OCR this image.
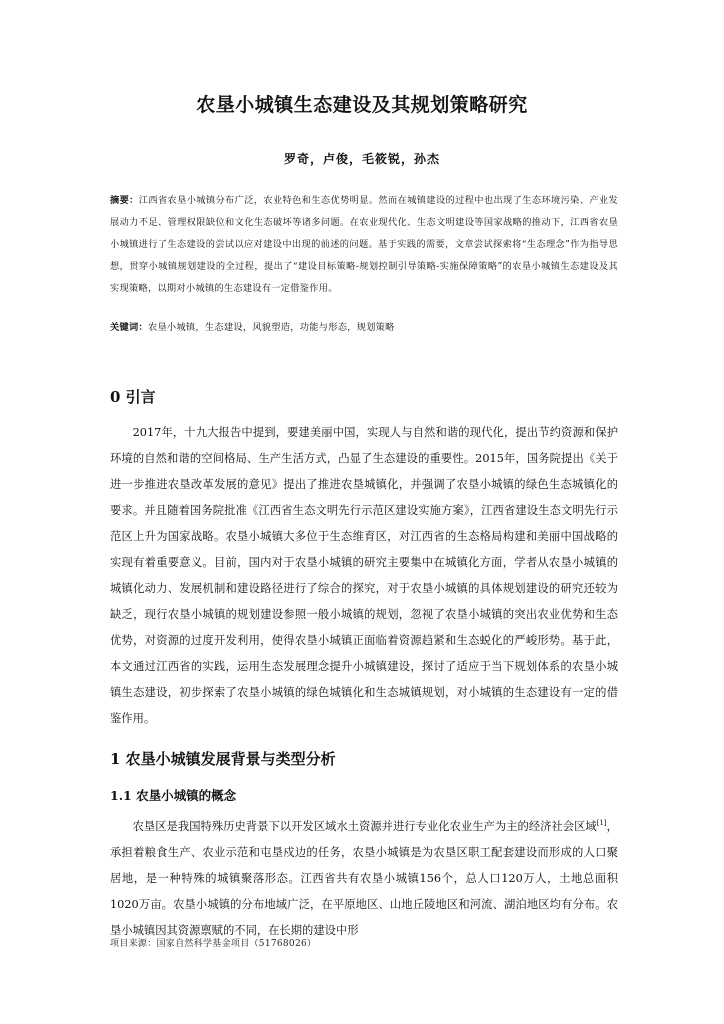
农垦小城镇生态建设及其规划策略研究
罗奇，卢俊，毛筱锐，孙杰
摘要：江西省农垦小城镇分布广泛，农业特色和生态优势明显。然而在城镇建设的过程中也出现了生态环境污染、产业发展动力不足、管理权限缺位和文化生态破坏等诸多问题。在农业现代化、生态文明建设等国家战略的推动下，江西省农垦小城镇进行了生态建设的尝试以应对建设中出现的前述的问题。基于实践的需要，文章尝试探索将“生态理念”作为指导思想，贯穿小城镇规划建设的全过程，提出了“建设目标策略-规划控制引导策略-实施保障策略”的农垦小城镇生态建设及其实现策略，以期对小城镇的生态建设有一定借鉴作用。
关键词：农垦小城镇，生态建设，风貌塑造，功能与形态，规划策略
0 引言
2017年，十九大报告中提到，要建美丽中国，实现人与自然和谐的现代化，提出节约资源和保护环境的自然和谐的空间格局、生产生活方式，凸显了生态建设的重要性。2015年，国务院提出《关于进一步推进农垦改革发展的意见》提出了推进农垦城镇化，并强调了农垦小城镇的绿色生态城镇化的要求。并且随着国务院批准《江西省生态文明先行示范区建设实施方案》，江西省建设生态文明先行示范区上升为国家战略。农垦小城镇大多位于生态维育区，对江西省的生态格局构建和美丽中国战略的实现有着重要意义。目前，国内对于农垦小城镇的研究主要集中在城镇化方面，学者从农垦小城镇的城镇化动力、发展机制和建设路径进行了综合的探究，对于农垦小城镇的具体规划建设的研究还较为缺乏，现行农垦小城镇的规划建设参照一般小城镇的规划，忽视了农垦小城镇的突出农业优势和生态优势，对资源的过度开发利用，使得农垦小城镇正面临着资源趋紧和生态蜕化的严峻形势。基于此，本文通过江西省的实践，运用生态发展理念提升小城镇建设，探讨了适应于当下规划体系的农垦小城镇生态建设，初步探索了农垦小城镇的绿色城镇化和生态城镇规划，对小城镇的生态建设有一定的借鉴作用。
1 农垦小城镇发展背景与类型分析
1.1 农垦小城镇的概念
农垦区是我国特殊历史背景下以开发区域水土资源并进行专业化农业生产为主的经济社会区域[1]，承担着粮食生产、农业示范和屯垦戍边的任务，农垦小城镇是为农垦区职工配套建设而形成的人口聚居地，是一种特殊的城镇聚落形态。江西省共有农垦小城镇156个，总人口120万人，土地总面积1020万亩。农垦小城镇的分布地域广泛，在平原地区、山地丘陵地区和河流、湖泊地区均有分布。农垦小城镇因其资源禀赋的不同，在长期的建设中形
项目来源：国家自然科学基金项目（51768026）
